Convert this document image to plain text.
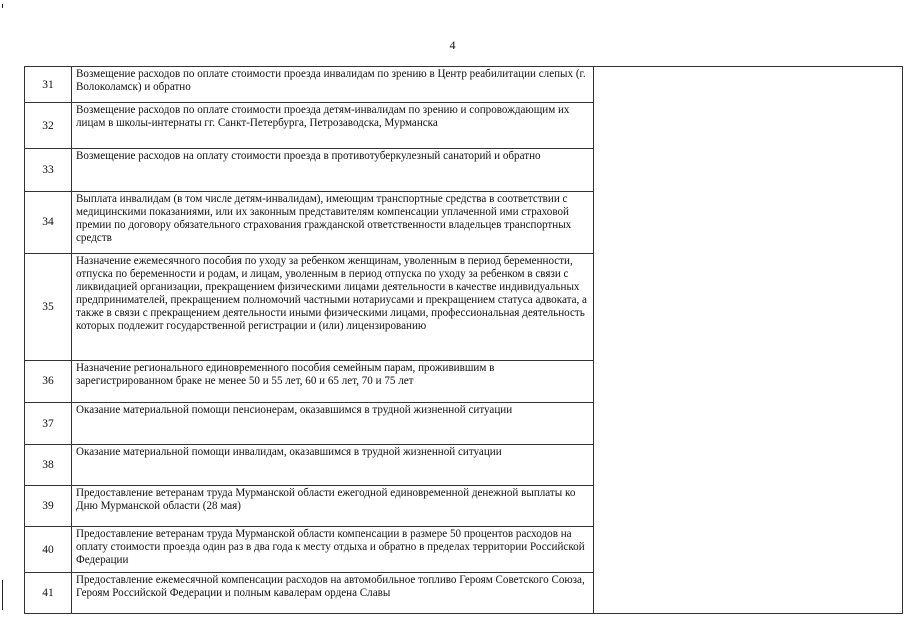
4
31	Возмещение расходов по оплате стоимости проезда инвалидам по зрению в Центр реабилитации слепых (г. Волоколамск) и обратно	
32	Возмещение расходов по оплате стоимости проезда детям-инвалидам по зрению и сопровождающим их лицам в школы-интернаты гг. Санкт-Петербурга, Петрозаводска, Мурманска	
33	Возмещение расходов на оплату стоимости проезда в противотуберкулезный санаторий и обратно	
34	Выплата инвалидам (в том числе детям-инвалидам), имеющим транспортные средства в соответствии с медицинскими показаниями, или их законным представителям компенсации уплаченной ими страховой премии по договору обязательного страхования гражданской ответственности владельцев транспортных средств	
35	Назначение ежемесячного пособия по уходу за ребенком женщинам, уволенным в период беременности, отпуска по беременности и родам, и лицам, уволенным в период отпуска по уходу за ребенком в связи с ликвидацией организации, прекращением физическими лицами деятельности в качестве индивидуальных предпринимателей, прекращением полномочий частными нотариусами и прекращением статуса адвоката, а также в связи с прекращением деятельности иными физическими лицами, профессиональная деятельность которых подлежит государственной регистрации и (или) лицензированию	
36	Назначение регионального единовременного пособия семейным парам, проживившим в зарегистрированном браке не менее 50 и 55 лет, 60 и 65 лет, 70 и 75 лет	
37	Оказание материальной помощи пенсионерам, оказавшимся в трудной жизненной ситуации	
38	Оказание материальной помощи инвалидам, оказавшимся в трудной жизненной ситуации	
39	Предоставление ветеранам труда Мурманской области ежегодной единовременной денежной выплаты ко Дню Мурманской области (28 мая)	
40	Предоставление ветеранам труда Мурманской области компенсации в размере 50 процентов расходов на оплату стоимости проезда один раз в два года к месту отдыха и обратно в пределах территории Российской Федерации	
41	Предоставление ежемесячной компенсации расходов на автомобильное топливо Героям Советского Союза, Героям Российской Федерации и полным кавалерам ордена Славы	
